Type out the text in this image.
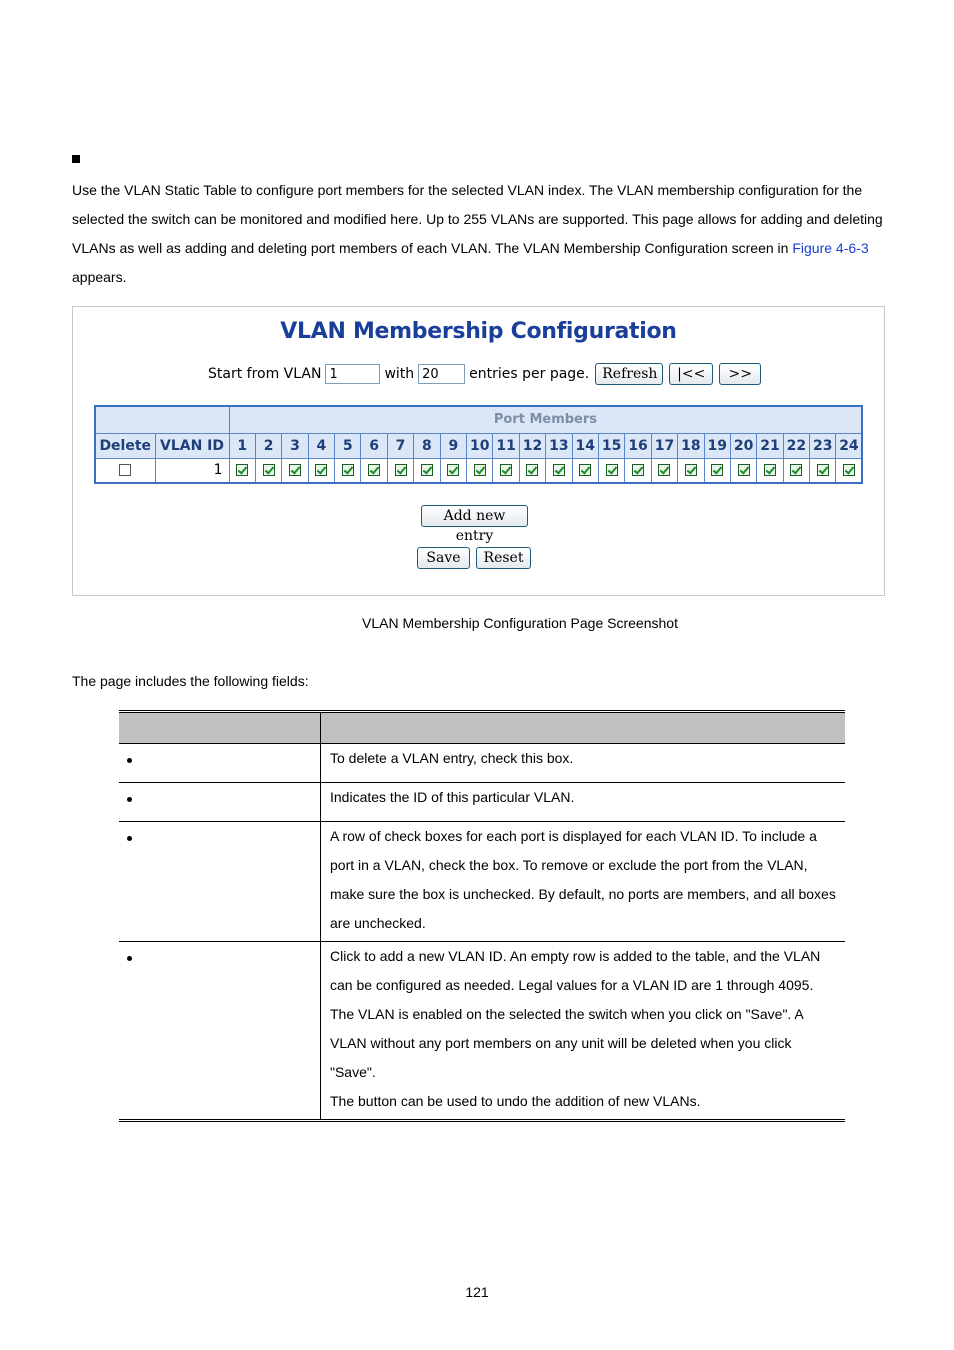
Use the VLAN Static Table to configure port members for the selected VLAN index. The VLAN membership configuration for the selected the switch can be monitored and modified here. Up to 255 VLANs are supported. This page allows for adding and deleting VLANs as well as adding and deleting port members of each VLAN. The VLAN Membership Configuration screen in Figure 4-6-3 appears.
VLAN Membership Configuration
Start from VLAN
1	with
20	entries per page. Refresh	|<<	>>
		Port Members																							
Delete	VLAN ID	1	2	3	4	5	6	7	8	9	10	11	12	13	14	15	16	17	18	19	20	21	22	23	24
	1																								
Add new entry
Save	Reset
VLAN Membership Configuration Page Screenshot
The page includes the following fields:

	To delete a VLAN entry, check this box.
	Indicates the ID of this particular VLAN.
	A row of check boxes for each port is displayed for each VLAN ID. To include a port in a VLAN, check the box. To remove or exclude the port from the VLAN, make sure the box is unchecked. By default, no ports are members, and all boxes are unchecked.

	Click to add a new VLAN ID. An empty row is added to the table, and the VLAN can be configured as needed. Legal values for a VLAN ID are 1 through 4095. The VLAN is enabled on the selected the switch when you click on "Save". A VLAN without any port members on any unit will be deleted when you click "Save".
The button can be used to undo the addition of new VLANs.
121
